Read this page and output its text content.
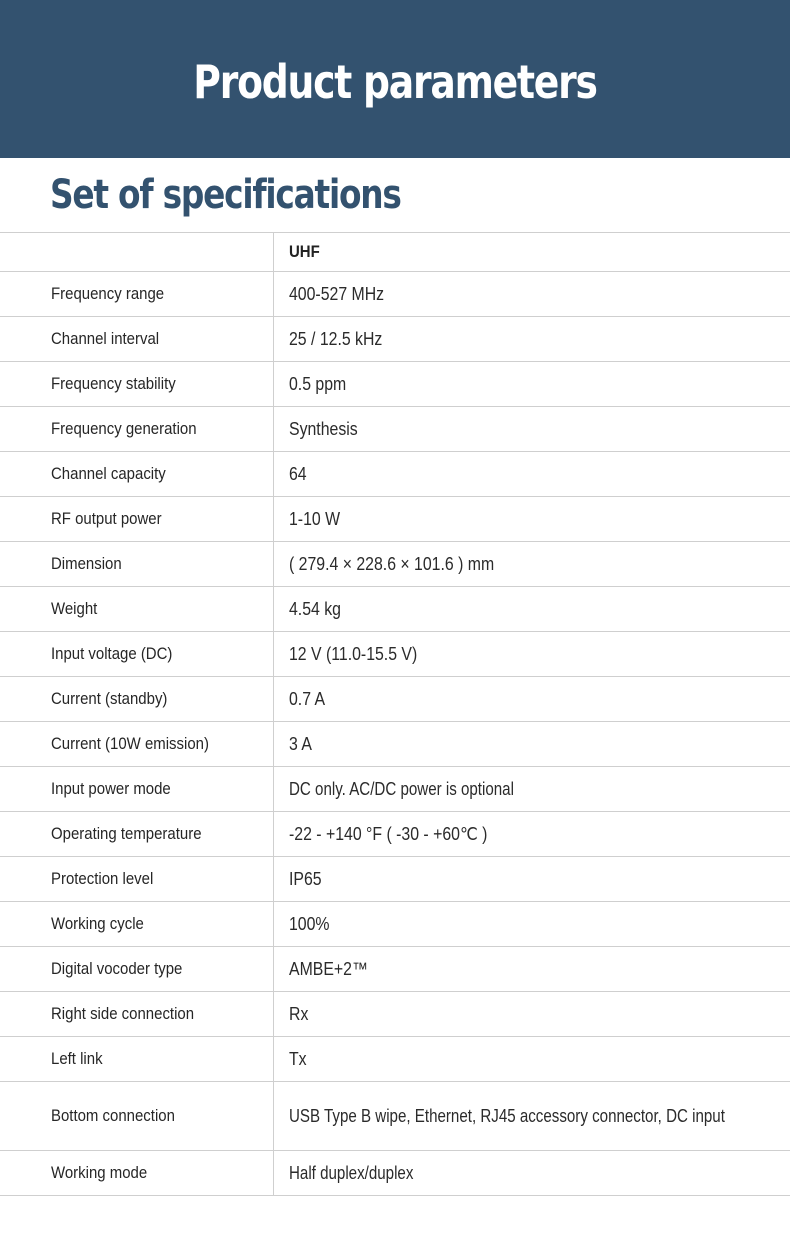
Product parameters
Set of specifications
	UHF
Frequency range	400-527 MHz
Channel interval	25 / 12.5 kHz
Frequency stability	0.5 ppm
Frequency generation	Synthesis
Channel capacity	64
RF output power	1-10 W
Dimension	( 279.4 × 228.6 × 101.6 ) mm
Weight	4.54 kg
Input voltage (DC)	12 V (11.0-15.5 V)
Current (standby)	0.7 A
Current (10W emission)	3 A
Input power mode	DC only. AC/DC power is optional
Operating temperature	-22 - +140 °F ( -30 - +60℃ )
Protection level	IP65
Working cycle	100%
Digital vocoder type	AMBE+2™
Right side connection	Rx
Left link	Tx
Bottom connection	USB Type B wipe, Ethernet, RJ45 accessory connector, DC input
Working mode	Half duplex/duplex
